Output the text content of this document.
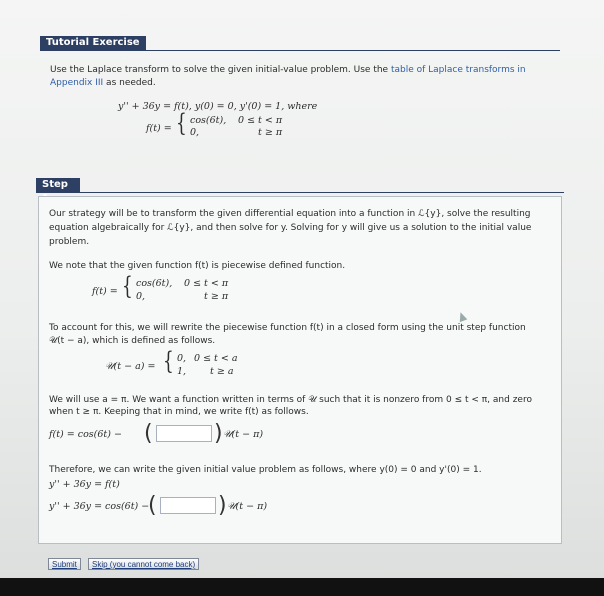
Tutorial Exercise
Use the Laplace transform to solve the given initial-value problem. Use the table of Laplace transforms in
Appendix III as needed.
y'' + 36y = f(t), y(0) = 0, y'(0) = 1, where
f(t) = { cos(6t), 0 ≤ t < π
0,	t ≥ π
Step
Our strategy will be to transform the given differential equation into a function in ℒ{y}, solve the resulting
equation algebraically for ℒ{y}, and then solve for y. Solving for y will give us a solution to the initial value
problem.
We note that the given function f(t) is piecewise defined function.
f(t) = { cos(6t), 0 ≤ t < π
0,	t ≥ π
To account for this, we will rewrite the piecewise function f(t) in a closed form using the unit step function
𝒰(t − a), which is defined as follows.
𝒰(t − a) = { 0, 0 ≤ t < a
1,	t ≥ a
We will use a = π. We want a function written in terms of 𝒰 such that it is nonzero from 0 ≤ t < π, and zero
when t ≥ π. Keeping that in mind, we write f(t) as follows.
f(t) = cos(6t) − (	) 𝒰(t − π)
Therefore, we can write the given initial value problem as follows, where y(0) = 0 and y'(0) = 1.
y'' + 36y = f(t)
y'' + 36y = cos(6t) −
(	) 𝒰(t − π)
Submit	Skip (you cannot come back)
